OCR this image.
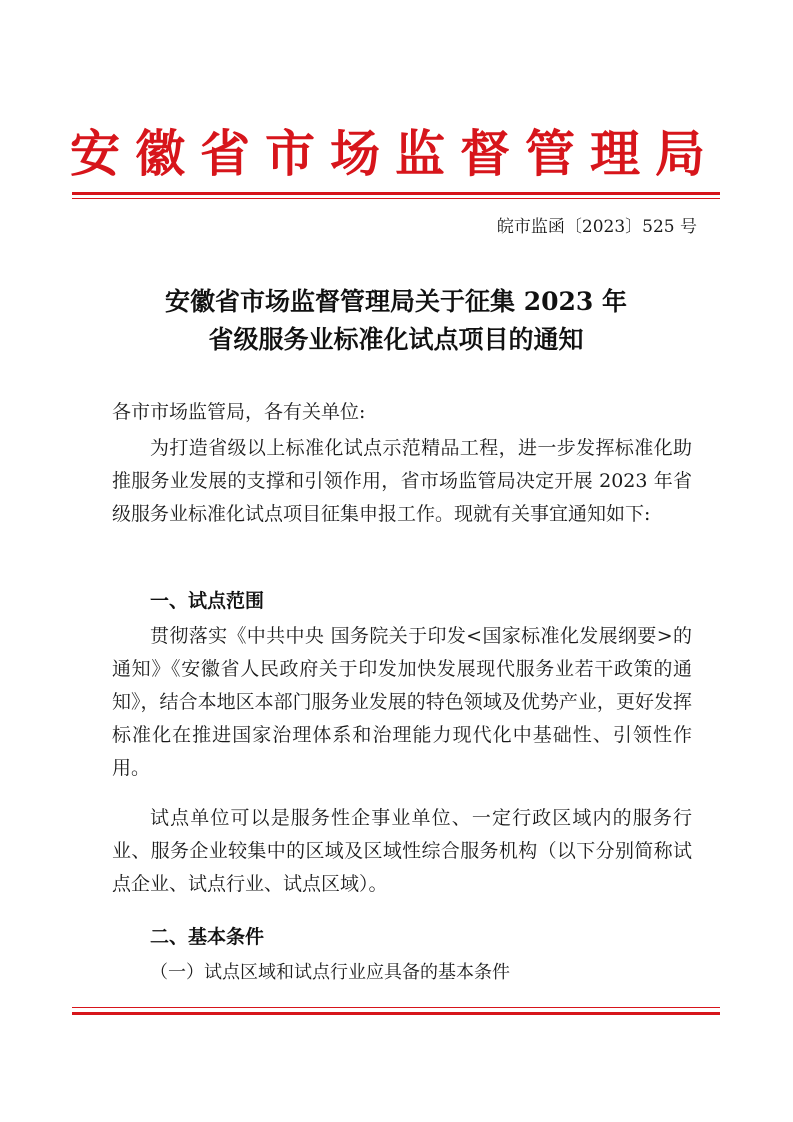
安徽省市场监督管理局
皖市监函〔2023〕525 号
安徽省市场监督管理局关于征集 2023 年
省级服务业标准化试点项目的通知
各市市场监管局，各有关单位:
为打造省级以上标准化试点示范精品工程，进一步发挥标准化助推服务业发展的支撑和引领作用，省市场监管局决定开展 2023 年省级服务业标准化试点项目征集申报工作。现就有关事宜通知如下:
一、试点范围
贯彻落实《中共中央 国务院关于印发<国家标准化发展纲要>的通知》《安徽省人民政府关于印发加快发展现代服务业若干政策的通知》，结合本地区本部门服务业发展的特色领域及优势产业，更好发挥标准化在推进国家治理体系和治理能力现代化中基础性、引领性作用。
试点单位可以是服务性企事业单位、一定行政区域内的服务行业、服务企业较集中的区域及区域性综合服务机构（以下分别简称试点企业、试点行业、试点区域）。
二、基本条件
（一）试点区域和试点行业应具备的基本条件
